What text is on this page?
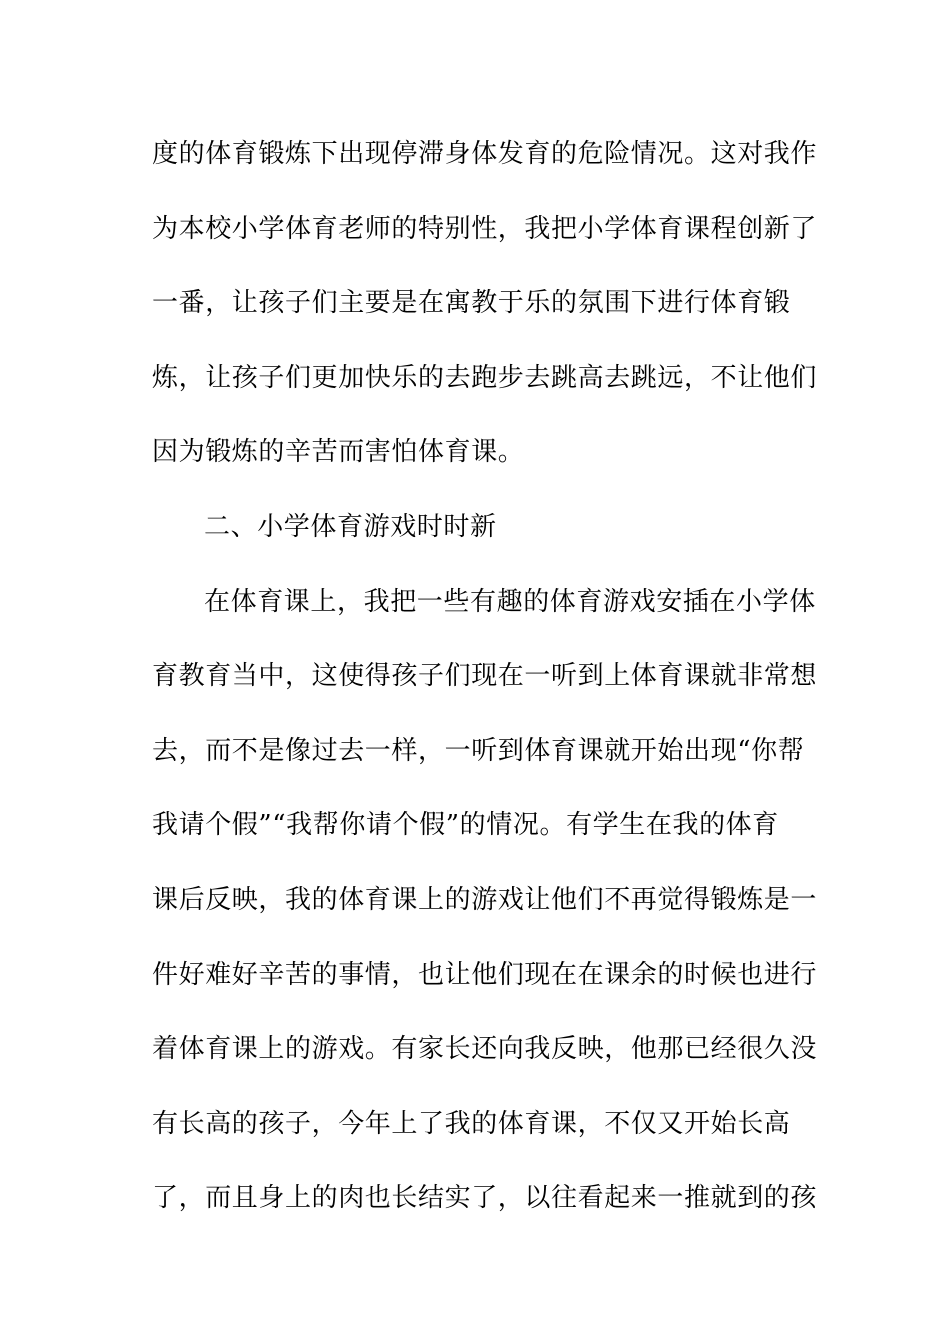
度的体育锻炼下出现停滞身体发育的危险情况。这对我作
为本校小学体育老师的特别性，我把小学体育课程创新了
一番，让孩子们主要是在寓教于乐的氛围下进行体育锻
炼，让孩子们更加快乐的去跑步去跳高去跳远，不让他们
因为锻炼的辛苦而害怕体育课。
二、小学体育游戏时时新
在体育课上，我把一些有趣的体育游戏安插在小学体
育教育当中，这使得孩子们现在一听到上体育课就非常想
去，而不是像过去一样，一听到体育课就开始出现“你帮
我请个假”“我帮你请个假”的情况。有学生在我的体育
课后反映，我的体育课上的游戏让他们不再觉得锻炼是一
件好难好辛苦的事情，也让他们现在在课余的时候也进行
着体育课上的游戏。有家长还向我反映，他那已经很久没
有长高的孩子，今年上了我的体育课，不仅又开始长高
了，而且身上的肉也长结实了，以往看起来一推就到的孩
